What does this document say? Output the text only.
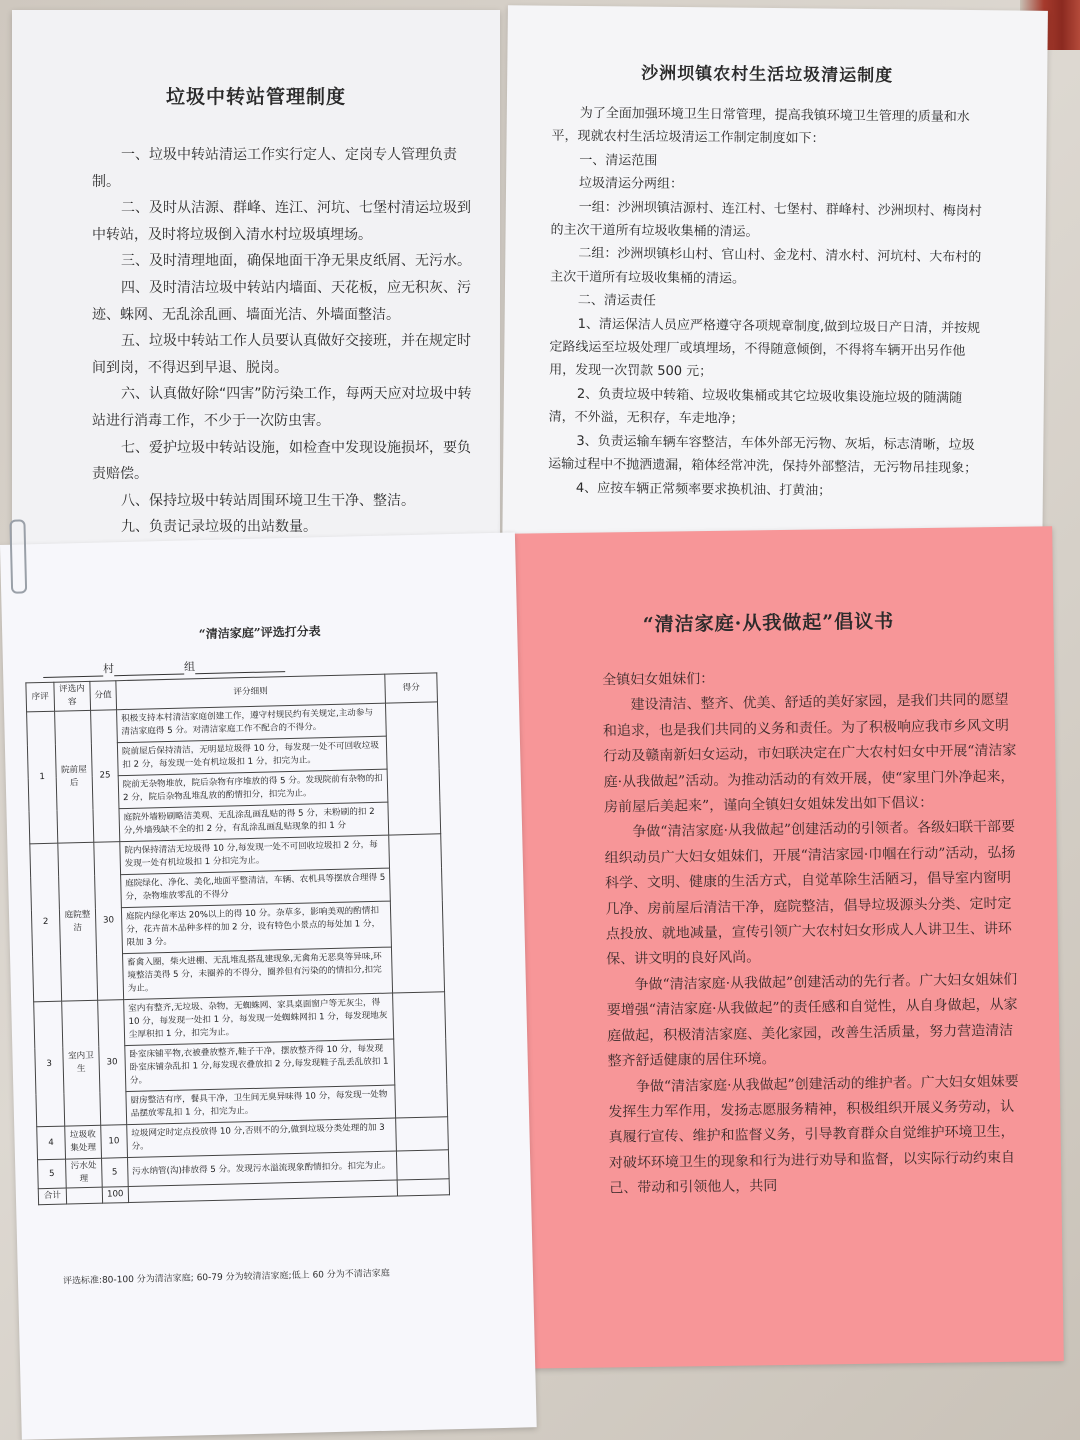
垃圾中转站管理制度

一、垃圾中转站清运工作实行定人、定岗专人管理负责制。

二、及时从洁源、群峰、连江、河坑、七堡村清运垃圾到中转站，及时将垃圾倒入清水村垃圾填埋场。

三、及时清理地面，确保地面干净无果皮纸屑、无污水。

四、及时清洁垃圾中转站内墙面、天花板，应无积灰、污迹、蛛网、无乱涂乱画、墙面光洁、外墙面整洁。

五、垃圾中转站工作人员要认真做好交接班，并在规定时间到岗，不得迟到早退、脱岗。

六、认真做好除“四害”防污染工作，每两天应对垃圾中转站进行消毒工作，不少于一次防虫害。

七、爱护垃圾中转站设施，如检查中发现设施损坏，要负责赔偿。

八、保持垃圾中转站周围环境卫生干净、整洁。

九、负责记录垃圾的出站数量。

沙洲坝镇农村生活垃圾清运制度

为了全面加强环境卫生日常管理，提高我镇环境卫生管理的质量和水平，现就农村生活垃圾清运工作制定制度如下：

一、清运范围

垃圾清运分两组：

一组：沙洲坝镇洁源村、连江村、七堡村、群峰村、沙洲坝村、梅岗村的主次干道所有垃圾收集桶的清运。

二组：沙洲坝镇杉山村、官山村、金龙村、清水村、河坑村、大布村的主次干道所有垃圾收集桶的清运。

二、清运责任

1、清运保洁人员应严格遵守各项规章制度,做到垃圾日产日清，并按规定路线运至垃圾处理厂或填埋场，不得随意倾倒，不得将车辆开出另作他用，发现一次罚款 500 元；

2、负责垃圾中转箱、垃圾收集桶或其它垃圾收集设施垃圾的随满随清，不外溢，无积存，车走地净；

3、负责运输车辆车容整洁，车体外部无污物、灰垢，标志清晰，垃圾运输过程中不抛洒遗漏，箱体经常冲洗，保持外部整洁，无污物吊挂现象；

4、应按车辆正常频率要求换机油、打黄油；

“清洁家庭·从我做起”倡议书

全镇妇女姐妹们：

建设清洁、整齐、优美、舒适的美好家园，是我们共同的愿望和追求，也是我们共同的义务和责任。为了积极响应我市乡风文明行动及赣南新妇女运动，市妇联决定在广大农村妇女中开展“清洁家庭·从我做起”活动。为推动活动的有效开展，使“家里门外净起来，房前屋后美起来”，谨向全镇妇女姐妹发出如下倡议：

争做“清洁家庭·从我做起”创建活动的引领者。各级妇联干部要组织动员广大妇女姐妹们，开展“清洁家园·巾帼在行动”活动，弘扬科学、文明、健康的生活方式，自觉革除生活陋习，倡导室内窗明几净、房前屋后清洁干净，庭院整洁，倡导垃圾源头分类、定时定点投放、就地减量，宣传引领广大农村妇女形成人人讲卫生、讲环保、讲文明的良好风尚。

争做“清洁家庭·从我做起”创建活动的先行者。广大妇女姐妹们要增强“清洁家庭·从我做起”的责任感和自觉性，从自身做起，从家庭做起，积极清洁家庭、美化家园，改善生活质量，努力营造清洁整齐舒适健康的居住环境。

争做“清洁家庭·从我做起”创建活动的维护者。广大妇女姐妹要发挥生力军作用，发扬志愿服务精神，积极组织开展义务劳动，认真履行宣传、维护和监督义务，引导教育群众自觉维护环境卫生，对破坏环境卫生的现象和行为进行劝导和监督，以实际行动约束自己、带动和引领他人，共同

“清洁家庭”评选打分表
村	组
序评	评选内容	分值	评分细则	得分
1	院前屋后	25	积极支持本村清洁家庭创建工作，遵守村规民约有关规定,主动参与清洁家庭得 5 分。对清洁家庭工作不配合的不得分。	
			院前屋后保持清洁，无明显垃圾得 10 分，每发现一处不可回收垃圾扣 2 分，每发现一处有机垃圾扣 1 分，扣完为止。	
			院前无杂物堆放，院后杂物有序堆放的得 5 分。发现院前有杂物的扣 2 分，院后杂物乱堆乱放的酌情扣分，扣完为止。	
			庭院外墙粉刷略洁美观、无乱涂乱画乱贴的得 5 分，未粉刷的扣 2 分,外墙残缺不全的扣 2 分，有乱涂乱画乱贴现象的扣 1 分	
2	庭院整洁	30	院内保持清洁无垃圾得 10 分,每发现一处不可回收垃圾扣 2 分，每发现一处有机垃圾扣 1 分扣完为止。	
			庭院绿化、净化、美化,地面平整清洁，车辆、农机具等摆放合理得 5 分，杂物堆放零乱的不得分	
			庭院内绿化率达 20%以上的得 10 分。杂草多，影响美观的酌情扣分，花卉苗木品种多样的加 2 分，设有特色小景点的每处加 1 分，限加 3 分。	
			畜禽入圈，柴火进棚、无乱堆乱搭乱建现象,无禽角无恶臭等异味,环境整洁美得 5 分，未圈养的不得分，圈养但有污染的的情扣分,扣完为止。	
3	室内卫生	30	室内有整齐,无垃圾、杂物，无蜘蛛网、家具桌面窗户等无灰尘，得 10 分，每发现一处扣 1 分，每发现一处蜘蛛网扣 1 分，每发现地灰尘厚积扣 1 分，扣完为止。	
			卧室床铺平物,衣被叠放整齐,鞋子干净，摆放整齐得 10 分，每发现卧室床铺杂乱扣 1 分,每发现衣叠放扣 2 分,每发现鞋子乱丢乱放扣 1 分。	
			厨房整洁有序，餐具干净，卫生间无臭异味得 10 分，每发现一处物品摆放零乱扣 1 分，扣完为止。	
4	垃圾收集处理	10	垃圾网定时定点投放得 10 分,否则不的分,做到垃圾分类处理的加 3 分。	
5	污水处理	5	污水纳管(沟)排放得 5 分。发现污水溢流现象酌情扣分。扣完为止。	
合计		100		
评选标准:80-100 分为清洁家庭; 60-79 分为较清洁家庭;低上 60 分为不清洁家庭
